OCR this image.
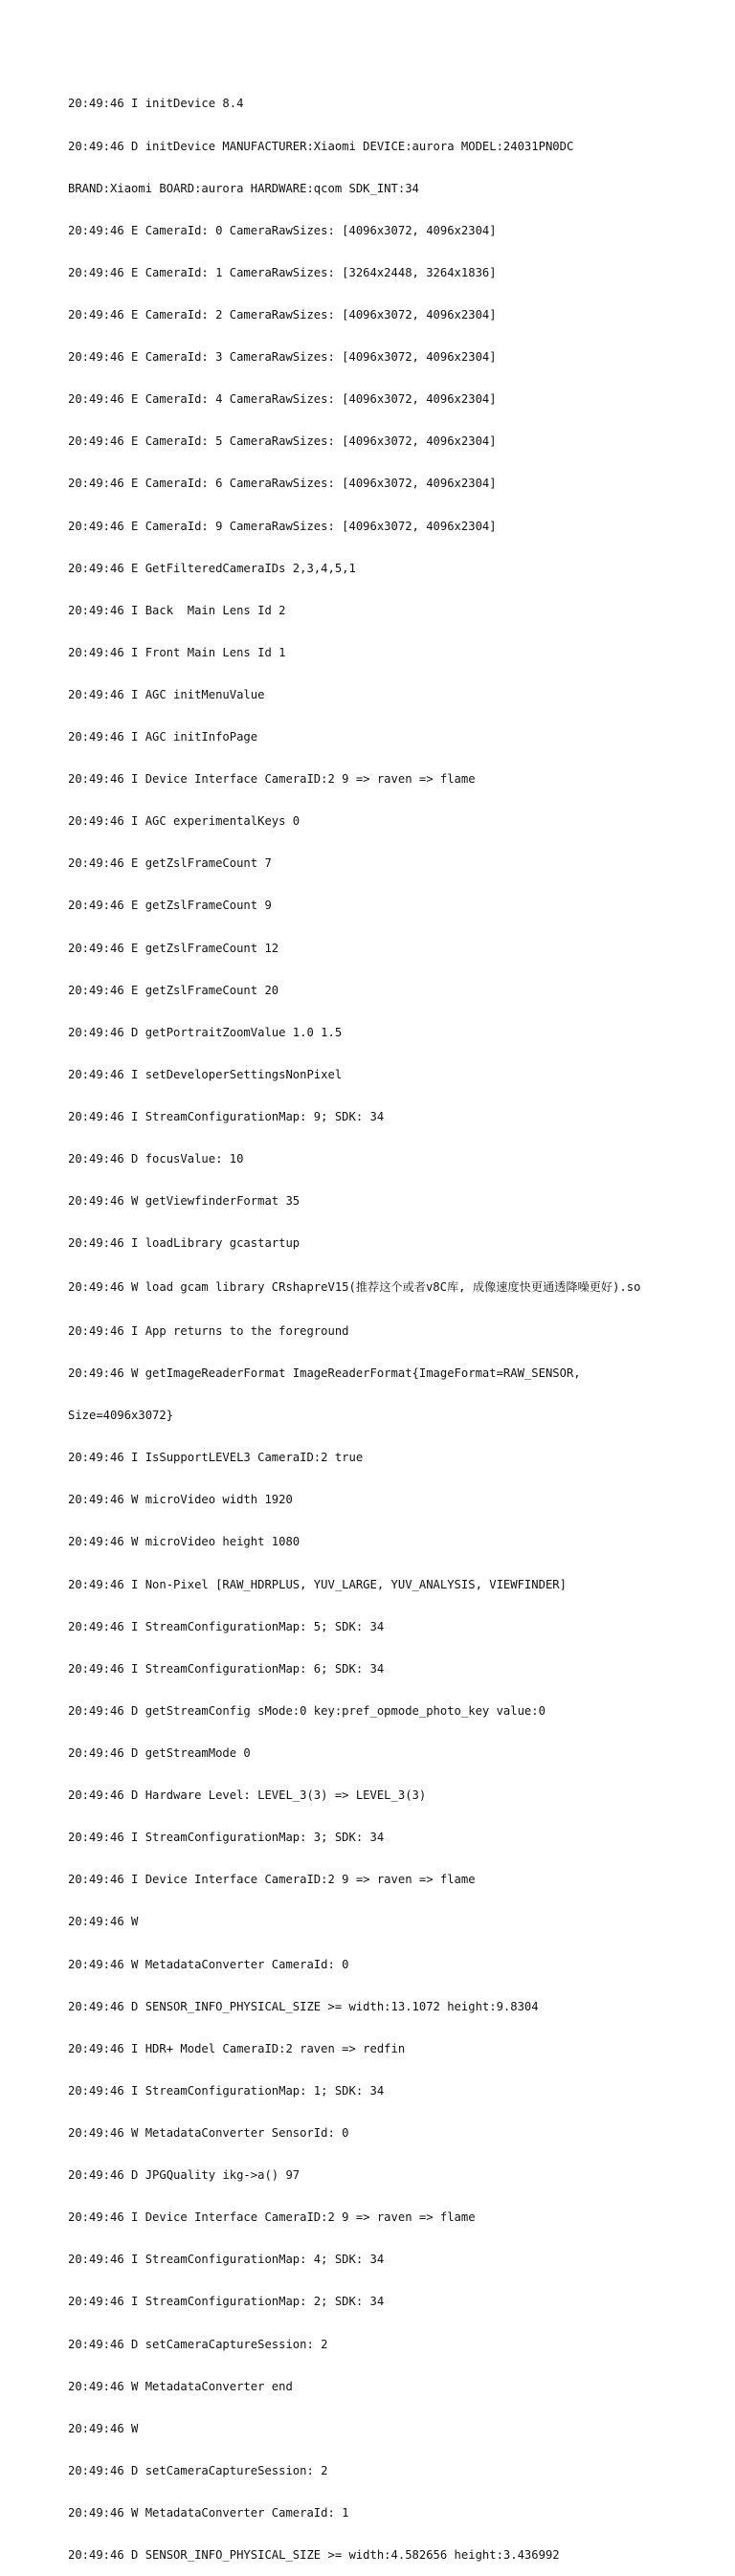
20:49:46 I initDevice 8.4

20:49:46 D initDevice MANUFACTURER:Xiaomi DEVICE:aurora MODEL:24031PN0DC

BRAND:Xiaomi BOARD:aurora HARDWARE:qcom SDK_INT:34

20:49:46 E CameraId: 0 CameraRawSizes: [4096x3072, 4096x2304]

20:49:46 E CameraId: 1 CameraRawSizes: [3264x2448, 3264x1836]

20:49:46 E CameraId: 2 CameraRawSizes: [4096x3072, 4096x2304]

20:49:46 E CameraId: 3 CameraRawSizes: [4096x3072, 4096x2304]

20:49:46 E CameraId: 4 CameraRawSizes: [4096x3072, 4096x2304]

20:49:46 E CameraId: 5 CameraRawSizes: [4096x3072, 4096x2304]

20:49:46 E CameraId: 6 CameraRawSizes: [4096x3072, 4096x2304]

20:49:46 E CameraId: 9 CameraRawSizes: [4096x3072, 4096x2304]

20:49:46 E GetFilteredCameraIDs 2,3,4,5,1

20:49:46 I Back  Main Lens Id 2

20:49:46 I Front Main Lens Id 1

20:49:46 I AGC initMenuValue

20:49:46 I AGC initInfoPage

20:49:46 I Device Interface CameraID:2 9 => raven => flame

20:49:46 I AGC experimentalKeys 0

20:49:46 E getZslFrameCount 7

20:49:46 E getZslFrameCount 9

20:49:46 E getZslFrameCount 12

20:49:46 E getZslFrameCount 20

20:49:46 D getPortraitZoomValue 1.0 1.5

20:49:46 I setDeveloperSettingsNonPixel

20:49:46 I StreamConfigurationMap: 9; SDK: 34

20:49:46 D focusValue: 10

20:49:46 W getViewfinderFormat 35

20:49:46 I loadLibrary gcastartup

20:49:46 W load gcam library CRshapreV15(推荐这个或者v8C库, 成像速度快更通透降噪更好).so

20:49:46 I App returns to the foreground

20:49:46 W getImageReaderFormat ImageReaderFormat{ImageFormat=RAW_SENSOR,

Size=4096x3072}

20:49:46 I IsSupportLEVEL3 CameraID:2 true

20:49:46 W microVideo width 1920

20:49:46 W microVideo height 1080

20:49:46 I Non-Pixel [RAW_HDRPLUS, YUV_LARGE, YUV_ANALYSIS, VIEWFINDER]

20:49:46 I StreamConfigurationMap: 5; SDK: 34

20:49:46 I StreamConfigurationMap: 6; SDK: 34

20:49:46 D getStreamConfig sMode:0 key:pref_opmode_photo_key value:0

20:49:46 D getStreamMode 0

20:49:46 D Hardware Level: LEVEL_3(3) => LEVEL_3(3)

20:49:46 I StreamConfigurationMap: 3; SDK: 34

20:49:46 I Device Interface CameraID:2 9 => raven => flame

20:49:46 W

20:49:46 W MetadataConverter CameraId: 0

20:49:46 D SENSOR_INFO_PHYSICAL_SIZE >= width:13.1072 height:9.8304

20:49:46 I HDR+ Model CameraID:2 raven => redfin

20:49:46 I StreamConfigurationMap: 1; SDK: 34

20:49:46 W MetadataConverter SensorId: 0

20:49:46 D JPGQuality ikg->a() 97

20:49:46 I Device Interface CameraID:2 9 => raven => flame

20:49:46 I StreamConfigurationMap: 4; SDK: 34

20:49:46 I StreamConfigurationMap: 2; SDK: 34

20:49:46 D setCameraCaptureSession: 2

20:49:46 W MetadataConverter end

20:49:46 W

20:49:46 D setCameraCaptureSession: 2

20:49:46 W MetadataConverter CameraId: 1

20:49:46 D SENSOR_INFO_PHYSICAL_SIZE >= width:4.582656 height:3.436992
